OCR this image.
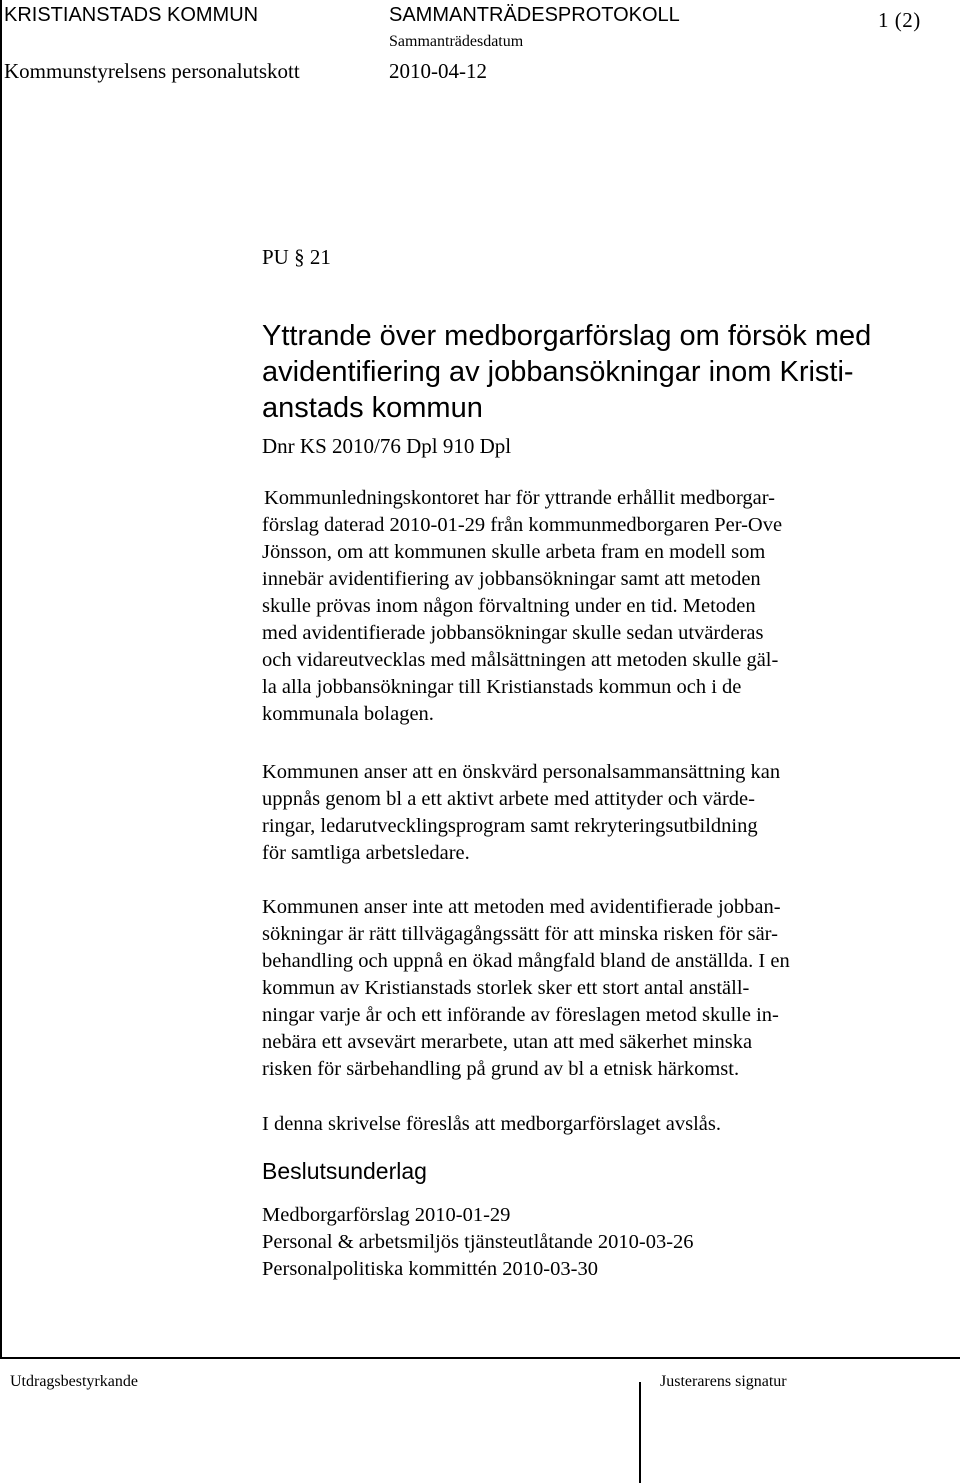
KRISTIANSTADS KOMMUN	SAMMANTRÄDESPROTOKOLL	1 (2)
Sammanträdesdatum
Kommunstyrelsens personalutskott	2010-04-12
PU § 21
Yttrande över medborgarförslag om försök med
avidentifiering av jobbansökningar inom Kristi-
anstads kommun
Dnr KS 2010/76 Dpl 910 Dpl
Kommunledningskontoret har för yttrande erhållit medborgar-
förslag daterad 2010-01-29 från kommunmedborgaren Per-Ove
Jönsson, om att kommunen skulle arbeta fram en modell som
innebär avidentifiering av jobbansökningar samt att metoden
skulle prövas inom någon förvaltning under en tid. Metoden
med avidentifierade jobbansökningar skulle sedan utvärderas
och vidareutvecklas med målsättningen att metoden skulle gäl-
la alla jobbansökningar till Kristianstads kommun och i de
kommunala bolagen.
Kommunen anser att en önskvärd personalsammansättning kan
uppnås genom bl a ett aktivt arbete med attityder och värde-
ringar, ledarutvecklingsprogram samt rekryteringsutbildning
för samtliga arbetsledare.
Kommunen anser inte att metoden med avidentifierade jobban-
sökningar är rätt tillvägagångssätt för att minska risken för sär-
behandling och uppnå en ökad mångfald bland de anställda. I en
kommun av Kristianstads storlek sker ett stort antal anställ-
ningar varje år och ett införande av föreslagen metod skulle in-
nebära ett avsevärt merarbete, utan att med säkerhet minska
risken för särbehandling på grund av bl a etnisk härkomst.
I denna skrivelse föreslås att medborgarförslaget avslås.
Beslutsunderlag
Medborgarförslag 2010-01-29
Personal & arbetsmiljös tjänsteutlåtande 2010-03-26
Personalpolitiska kommittén 2010-03-30
Utdragsbestyrkande	Justerarens signatur
